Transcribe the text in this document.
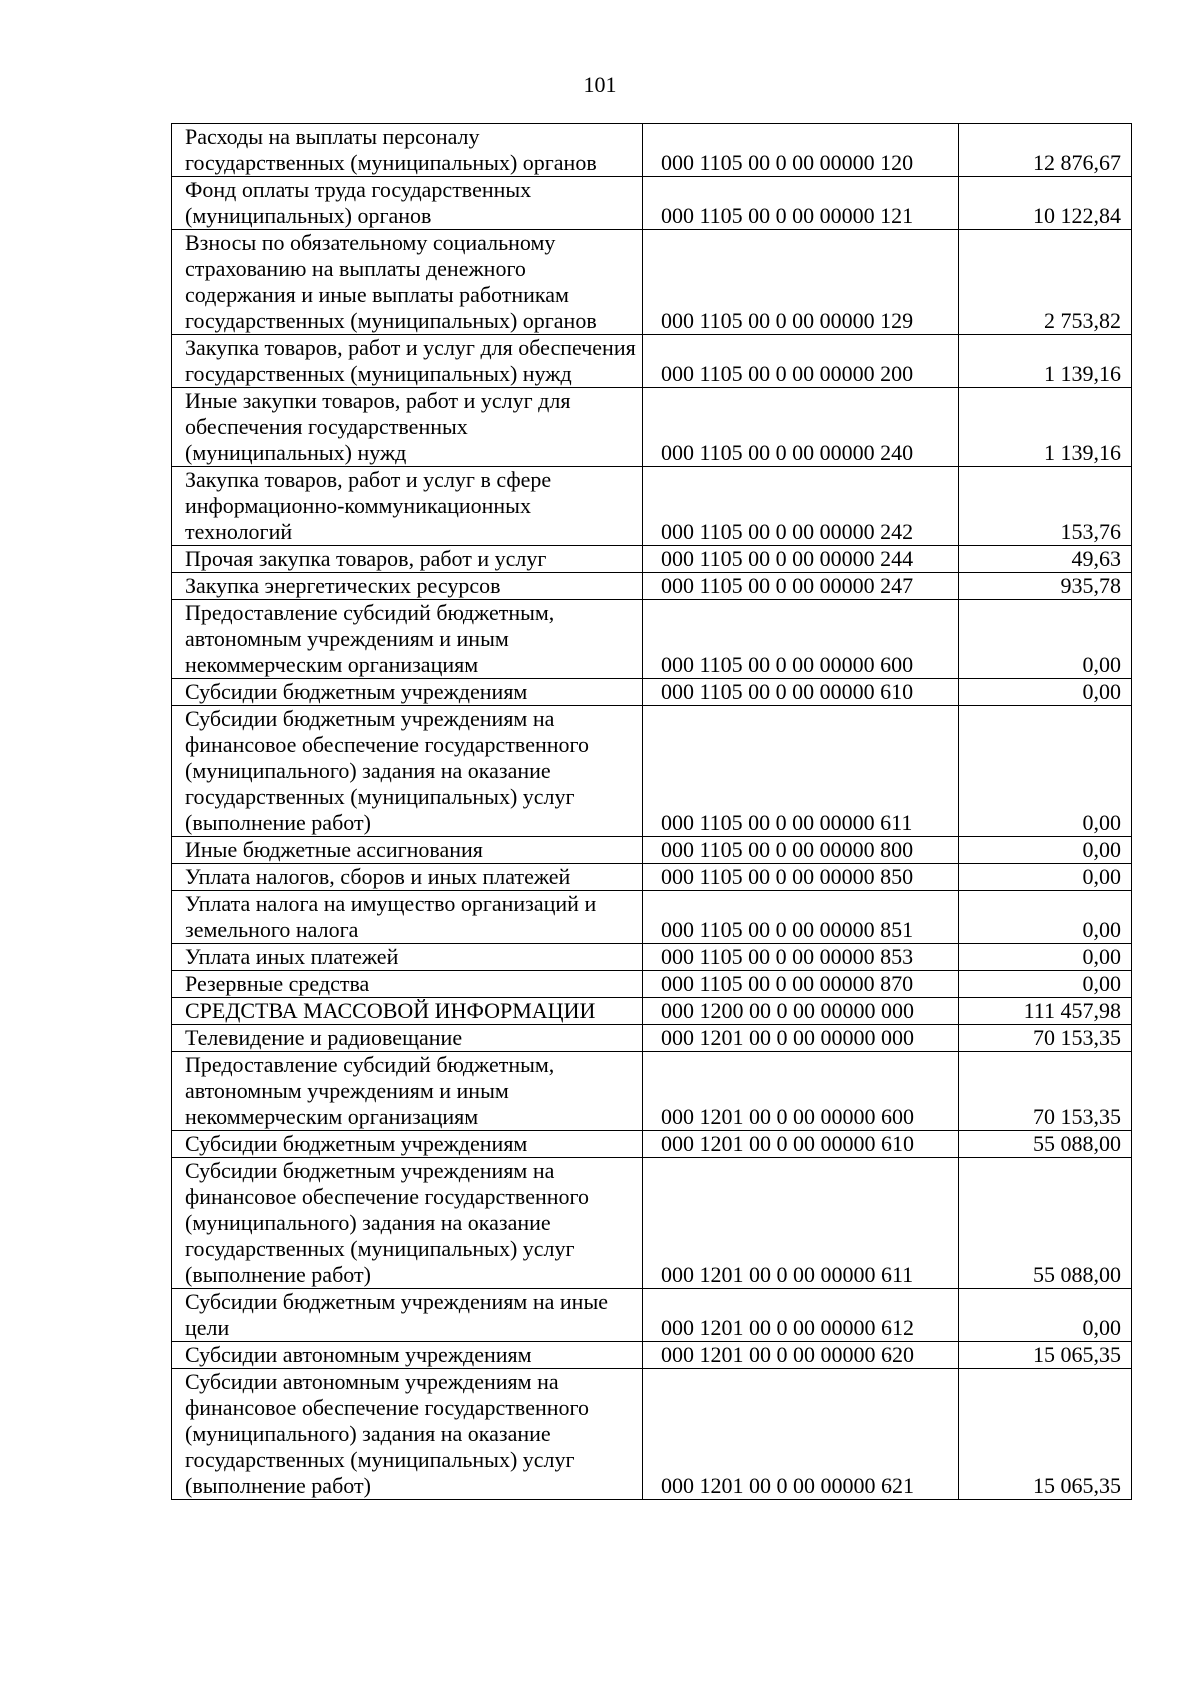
101
Расходы на выплаты персоналу государственных (муниципальных) органов	000 1105 00 0 00 00000 120	12 876,67
Фонд оплаты труда государственных (муниципальных) органов	000 1105 00 0 00 00000 121	10 122,84
Взносы по обязательному социальному страхованию на выплаты денежного содержания и иные выплаты работникам государственных (муниципальных) органов	000 1105 00 0 00 00000 129	2 753,82
Закупка товаров, работ и услуг для обеспечения государственных (муниципальных) нужд	000 1105 00 0 00 00000 200	1 139,16
Иные закупки товаров, работ и услуг для обеспечения государственных (муниципальных) нужд	000 1105 00 0 00 00000 240	1 139,16
Закупка товаров, работ и услуг в сфере информационно-коммуникационных технологий	000 1105 00 0 00 00000 242	153,76
Прочая закупка товаров, работ и услуг	000 1105 00 0 00 00000 244	49,63
Закупка энергетических ресурсов	000 1105 00 0 00 00000 247	935,78
Предоставление субсидий бюджетным, автономным учреждениям и иным некоммерческим организациям	000 1105 00 0 00 00000 600	0,00
Субсидии бюджетным учреждениям	000 1105 00 0 00 00000 610	0,00
Субсидии бюджетным учреждениям на финансовое обеспечение государственного (муниципального) задания на оказание государственных (муниципальных) услуг (выполнение работ)	000 1105 00 0 00 00000 611	0,00
Иные бюджетные ассигнования	000 1105 00 0 00 00000 800	0,00
Уплата налогов, сборов и иных платежей	000 1105 00 0 00 00000 850	0,00
Уплата налога на имущество организаций и земельного налога	000 1105 00 0 00 00000 851	0,00
Уплата иных платежей	000 1105 00 0 00 00000 853	0,00
Резервные средства	000 1105 00 0 00 00000 870	0,00
СРЕДСТВА МАССОВОЙ ИНФОРМАЦИИ	000 1200 00 0 00 00000 000	111 457,98
Телевидение и радиовещание	000 1201 00 0 00 00000 000	70 153,35
Предоставление субсидий бюджетным, автономным учреждениям и иным некоммерческим организациям	000 1201 00 0 00 00000 600	70 153,35
Субсидии бюджетным учреждениям	000 1201 00 0 00 00000 610	55 088,00
Субсидии бюджетным учреждениям на финансовое обеспечение государственного (муниципального) задания на оказание государственных (муниципальных) услуг (выполнение работ)	000 1201 00 0 00 00000 611	55 088,00
Субсидии бюджетным учреждениям на иные цели	000 1201 00 0 00 00000 612	0,00
Субсидии автономным учреждениям	000 1201 00 0 00 00000 620	15 065,35
Субсидии автономным учреждениям на финансовое обеспечение государственного (муниципального) задания на оказание государственных (муниципальных) услуг (выполнение работ)	000 1201 00 0 00 00000 621	15 065,35
